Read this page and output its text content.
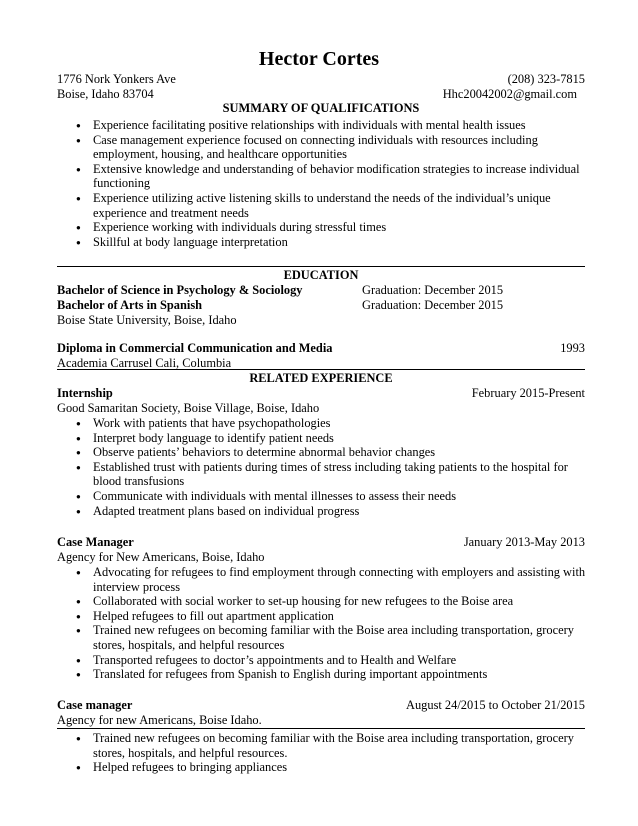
Hector Cortes
1776 Nork Yonkers Ave	(208) 323-7815
Boise, Idaho 83704	Hhc20042002@gmail.com
SUMMARY OF QUALIFICATIONS
● Experience facilitating positive relationships with individuals with mental health issues
● Case management experience focused on connecting individuals with resources including employment, housing, and healthcare opportunities
● Extensive knowledge and understanding of behavior modification strategies to increase individual functioning
● Experience utilizing active listening skills to understand the needs of the individual’s unique experience and treatment needs
● Experience working with individuals during stressful times
● Skillful at body language interpretation
EDUCATION
Bachelor of Science in Psychology & Sociology	Graduation: December 2015
Bachelor of Arts in Spanish	Graduation: December 2015
Boise State University, Boise, Idaho
Diploma in Commercial Communication and Media	1993
Academia Carrusel Cali, Columbia
RELATED EXPERIENCE
Internship	February 2015-Present
Good Samaritan Society, Boise Village, Boise, Idaho
● Work with patients that have psychopathologies
● Interpret body language to identify patient needs
● Observe patients’ behaviors to determine abnormal behavior changes
● Established trust with patients during times of stress including taking patients to the hospital for blood transfusions
● Communicate with individuals with mental illnesses to assess their needs
● Adapted treatment plans based on individual progress
Case Manager	January 2013-May 2013
Agency for New Americans, Boise, Idaho
● Advocating for refugees to find employment through connecting with employers and assisting with interview process
● Collaborated with social worker to set-up housing for new refugees to the Boise area
● Helped refugees to fill out apartment application
● Trained new refugees on becoming familiar with the Boise area including transportation, grocery stores, hospitals, and helpful resources
● Transported refugees to doctor’s appointments and to Health and Welfare
● Translated for refugees from Spanish to English during important appointments
Case manager	August 24/2015 to October 21/2015
Agency for new Americans, Boise Idaho.
● Trained new refugees on becoming familiar with the Boise area including transportation, grocery stores, hospitals, and helpful resources.
● Helped refugees to bringing appliances
